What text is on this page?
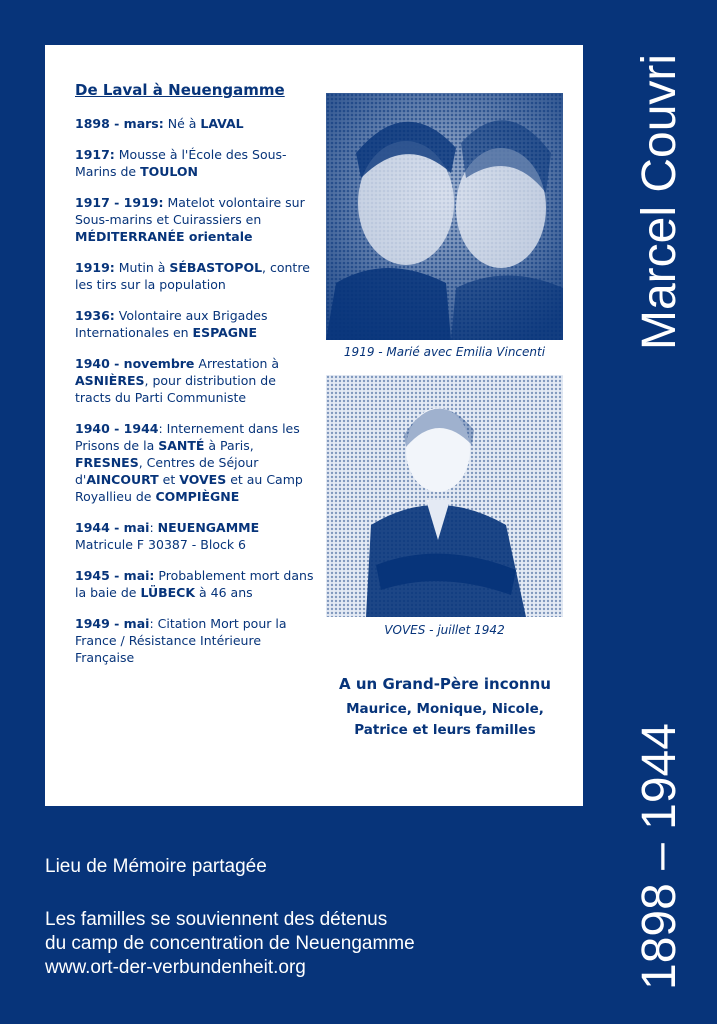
De Laval à Neuengamme
1898 - mars: Né à LAVAL
1917: Mousse à l'École des Sous-Marins de TOULON
1917 - 1919: Matelot volontaire sur Sous-marins et Cuirassiers en MÉDITERRANÉE orientale
1919: Mutin à SÉBASTOPOL, contre les tirs sur la population
1936: Volontaire aux Brigades Internationales en ESPAGNE
1940 - novembre Arrestation à ASNIÈRES, pour distribution de tracts du Parti Communiste
1940 - 1944: Internement dans les Prisons de la SANTÉ à Paris, FRESNES, Centres de Séjour d'AINCOURT et VOVES et au Camp Royallieu de COMPIÈGNE
1944 - mai: NEUENGAMME Matricule F 30387 - Block 6
1945 - mai: Probablement mort dans la baie de LÜBECK à 46 ans
1949 - mai: Citation Mort pour la France / Résistance Intérieure Française
1919 - Marié avec Emilia Vincenti
VOVES - juillet 1942
A un Grand-Père inconnu
Maurice, Monique, Nicole,
Patrice et leurs familles
Marcel Couvri
1898 – 1944
Lieu de Mémoire partagée
Les familles se souviennent des détenus
du camp de concentration de Neuengamme
www.ort-der-verbundenheit.org
